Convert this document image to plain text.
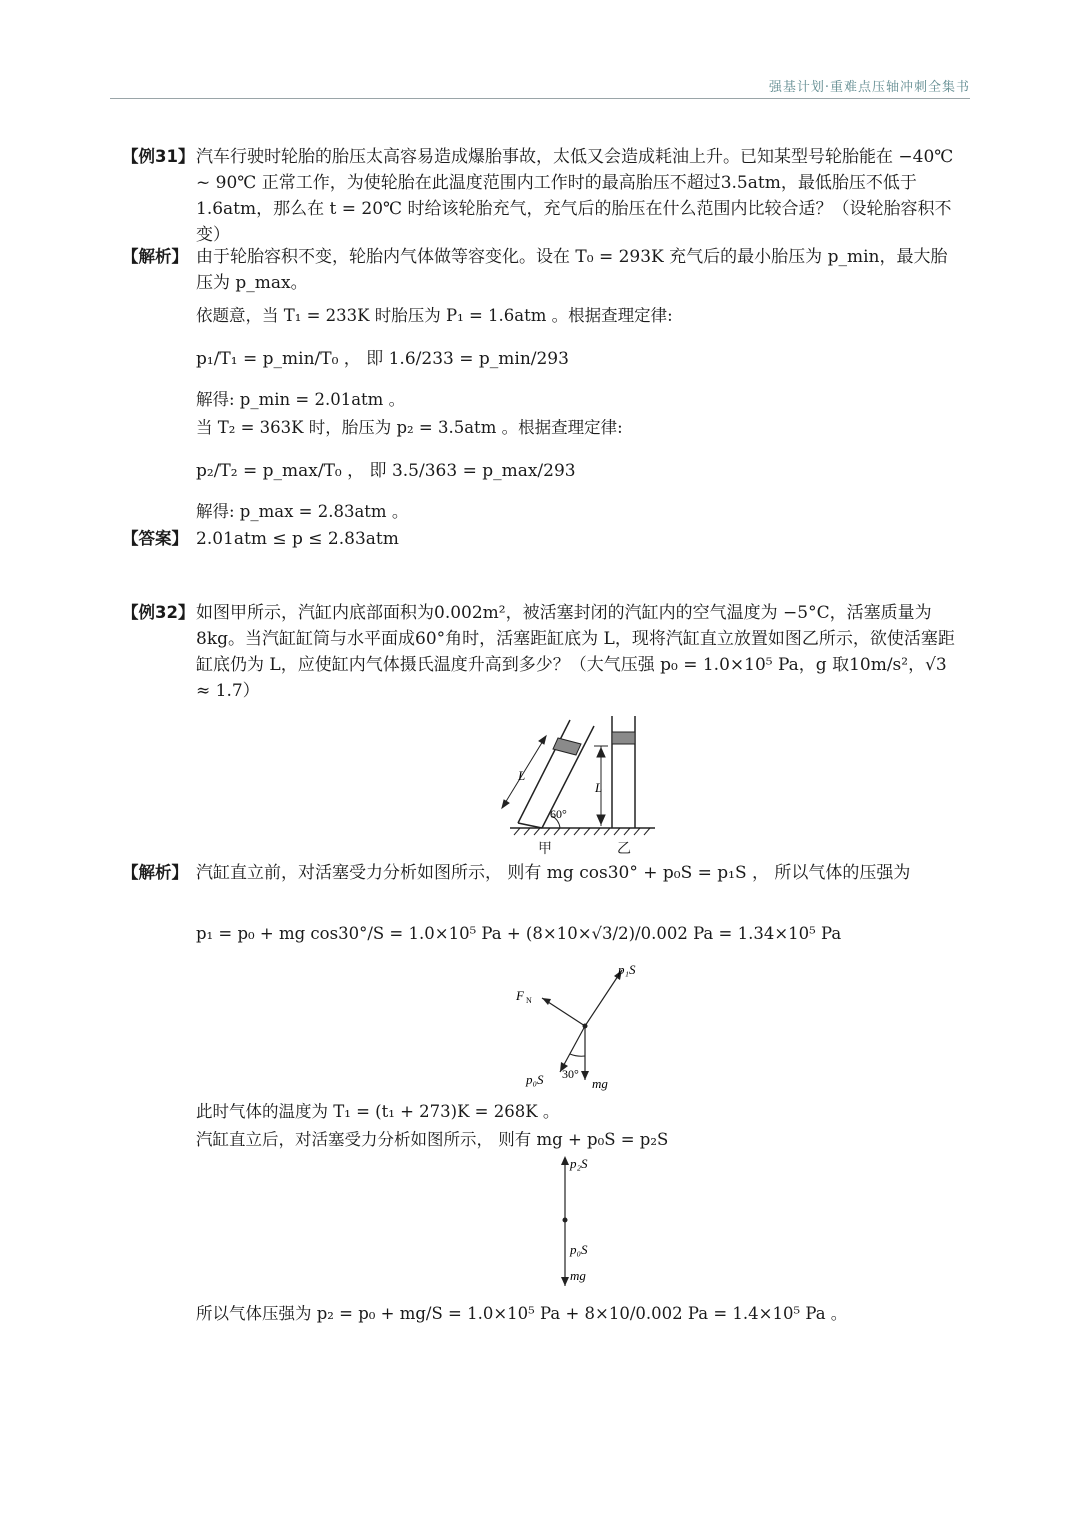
强基计划·重难点压轴冲刺全集书
【例31】 汽车行驶时轮胎的胎压太高容易造成爆胎事故，太低又会造成耗油上升。已知某型号轮胎能在 −40℃ ~ 90℃ 正常工作，为使轮胎在此温度范围内工作时的最高胎压不超过3.5atm，最低胎压不低于1.6atm，那么在 t = 20℃ 时给该轮胎充气，充气后的胎压在什么范围内比较合适？（设轮胎容积不变）
【解析】 由于轮胎容积不变，轮胎内气体做等容变化。设在 T₀ = 293K 充气后的最小胎压为 p_min，最大胎压为 p_max。
依题意，当 T₁ = 233K 时胎压为 P₁ = 1.6atm 。根据查理定律:
p₁/T₁ = p_min/T₀ ， 即 1.6/233 = p_min/293
解得: p_min = 2.01atm 。
当 T₂ = 363K 时，胎压为 p₂ = 3.5atm 。根据查理定律:
p₂/T₂ = p_max/T₀ ， 即 3.5/363 = p_max/293
解得: p_max = 2.83atm 。
【答案】 2.01atm ≤ p ≤ 2.83atm
【例32】 如图甲所示，汽缸内底部面积为0.002m²，被活塞封闭的汽缸内的空气温度为 −5°C，活塞质量为8kg。当汽缸缸筒与水平面成60°角时，活塞距缸底为 L，现将汽缸直立放置如图乙所示，欲使活塞距缸底仍为 L，应使缸内气体摄氏温度升高到多少？（大气压强 p₀ = 1.0×10⁵ Pa，g 取10m/s²，√3 ≈ 1.7）
L
60°
L
甲	乙
【解析】 汽缸直立前，对活塞受力分析如图所示， 则有 mg cos30° + p₀S = p₁S ， 所以气体的压强为
p₁ = p₀ + mg cos30°/S = 1.0×10⁵ Pa + (8×10×√3/2)/0.002 Pa = 1.34×10⁵ Pa
p₁S
F N
p₀S 30°
mg
此时气体的温度为 T₁ = (t₁ + 273)K = 268K 。
汽缸直立后，对活塞受力分析如图所示， 则有 mg + p₀S = p₂S
p₂S
p₀S
mg
所以气体压强为 p₂ = p₀ + mg/S = 1.0×10⁵ Pa + 8×10/0.002 Pa = 1.4×10⁵ Pa 。
